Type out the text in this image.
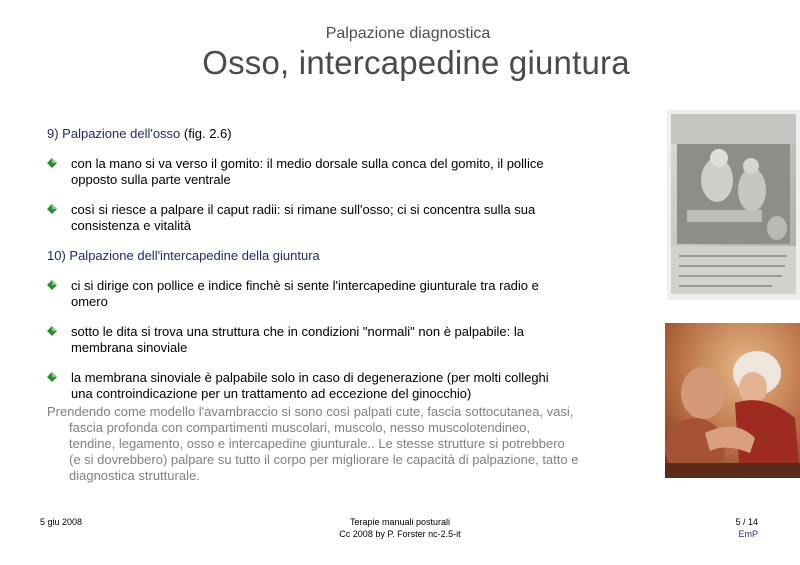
Palpazione diagnostica
Osso, intercapedine giuntura
9) Palpazione dell'osso (fig. 2.6)
con la mano si va verso il gomito: il medio dorsale sulla conca del gomito, il pollice opposto sulla parte ventrale
così si riesce a palpare il caput radii: si rimane sull'osso; ci si concentra sulla sua consistenza e vitalità
10) Palpazione dell'intercapedine della giuntura
ci si dirige con pollice e indice finchè si sente l'intercapedine giunturale tra radio e omero
sotto le dita si trova una struttura che in condizioni "normali" non è palpabile: la membrana sinoviale
la membrana sinoviale è palpabile solo in caso di degenerazione (per molti colleghi una controindicazione per un trattamento ad eccezione del ginocchio)
Prendendo come modello l'avambraccio si sono così palpati cute, fascia sottocutanea, vasi, fascia profonda con compartimenti muscolari, muscolo, nesso muscolotendineo, tendine, legamento, osso e intercapedine giunturale.. Le stesse strutture si potrebbero (e si dovrebbero) palpare su tutto il corpo per migliorare le capacità di palpazione, tatto e diagnostica strutturale.
5 giu 2008	Terapie manuali posturali
Cc 2008 by P. Forster nc-2.5-it
5 / 14
EmP
